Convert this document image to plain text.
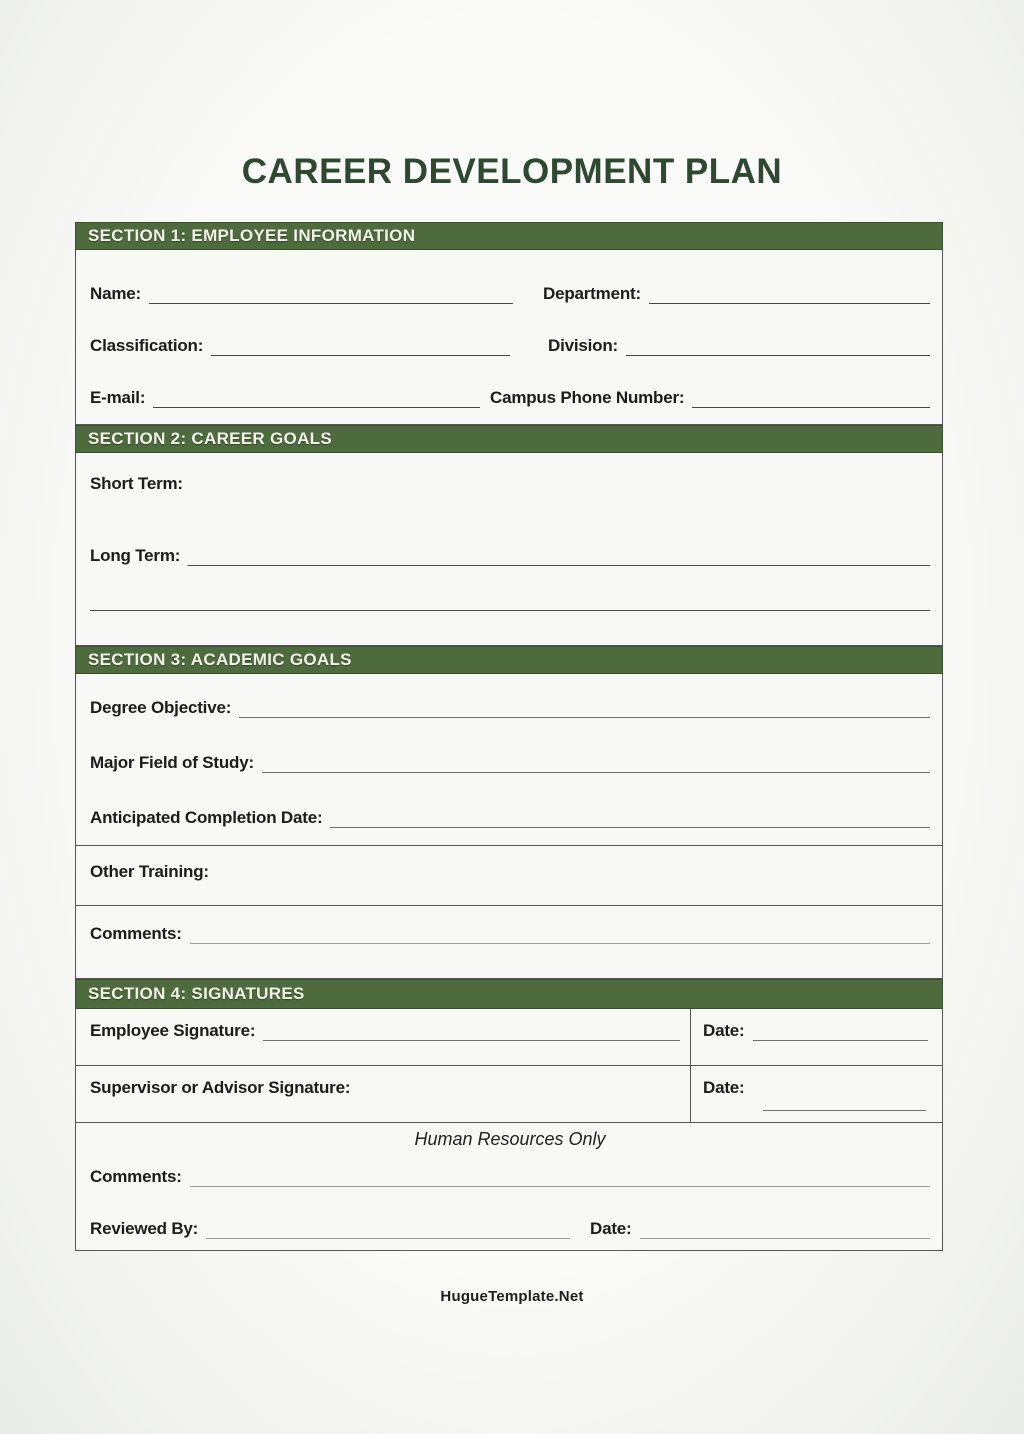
CAREER DEVELOPMENT PLAN
SECTION 1: EMPLOYEE INFORMATION
Name:	Department:
Classification:	Division:
E-mail:	Campus Phone Number:
SECTION 2: CAREER GOALS
Short Term:
Long Term:
SECTION 3: ACADEMIC GOALS
Degree Objective:
Major Field of Study:
Anticipated Completion Date:
Other Training:
Comments:
SECTION 4: SIGNATURES
Employee Signature:	Date:
Supervisor or Advisor Signature:	Date:
Human Resources Only
Comments:
Reviewed By:	Date:
HugueTemplate.Net
